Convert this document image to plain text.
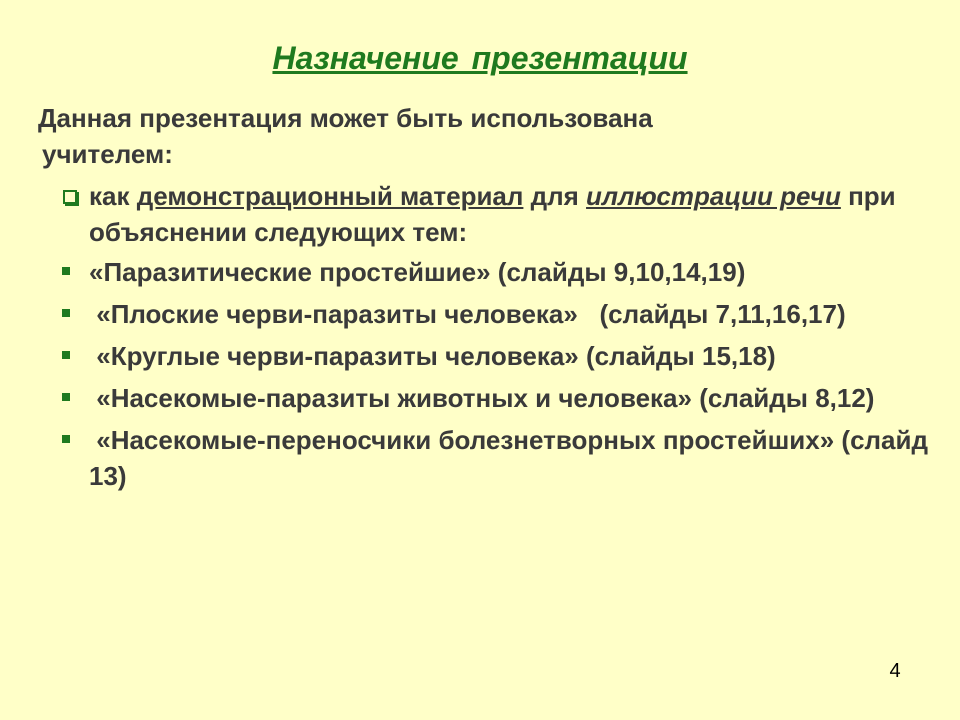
Назначение презентации
Данная презентация может быть использована
учителем:
как демонстрационный материал для иллюстрации речи при объяснении следующих тем:
«Паразитические простейшие» (слайды 9,10,14,19)
«Плоские черви-паразиты человека»   (слайды 7,11,16,17)
«Круглые черви-паразиты человека» (слайды 15,18)
«Насекомые-паразиты животных и человека» (слайды 8,12)
«Насекомые-переносчики болезнетворных простейших» (слайд 13)
4
